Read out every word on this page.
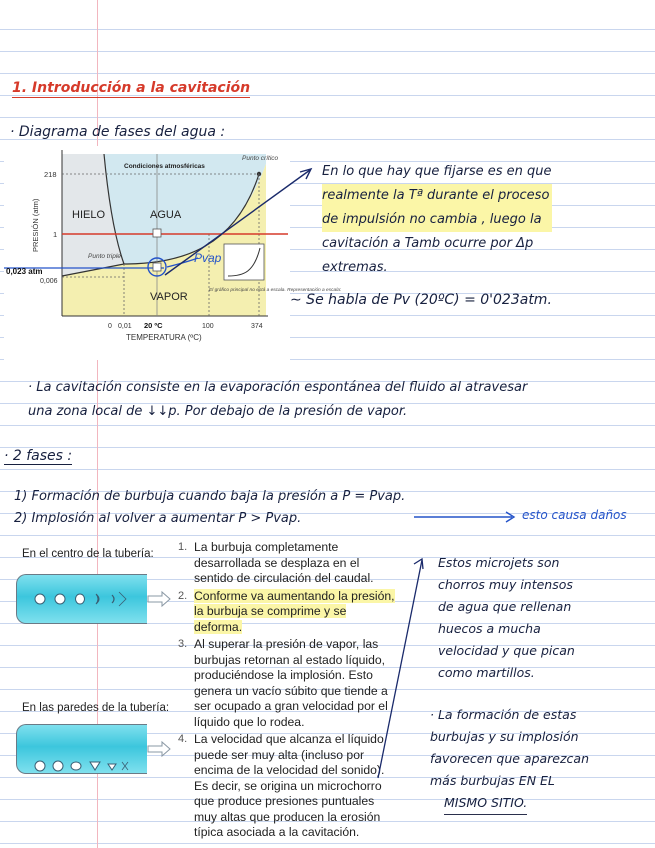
1. Introducción a la cavitación
· Diagrama de fases del agua :
Pvap
218
1
0,006
0,023 atm
0 0,01 20 ºC	100	374
TEMPERATURA (ºC)
PRESIÓN (atm)	HIELO	AGUA
VAPOR
Condiciones atmosféricas
Punto crítico
Punto triple
El gráfico principal no está a escala. Representación a escala:
En lo que hay que fijarse es en que
realmente la Tª durante el proceso
de impulsión no cambia , luego la
cavitación a Tamb ocurre por Δp
extremas.
∼ Se habla de Pv (20ºC) = 0'023atm.
· La cavitación consiste en la evaporación espontánea del fluido al atravesar
una zona local de ↓↓p. Por debajo de la presión de vapor.
· 2 fases :
1) Formación de burbuja cuando baja la presión a P = Pvap.
2) Implosión al volver a aumentar P > Pvap.	esto causa daños
En el centro de la tubería:
En las paredes de la tubería:
1. La burbuja completamente desarrollada se desplaza en el sentido de circulación del caudal.
2. Conforme va aumentando la presión, la burbuja se comprime y se deforma.
3. Al superar la presión de vapor, las burbujas retornan al estado líquido, produciéndose la implosión. Esto genera un vacío súbito que tiende a ser ocupado a gran velocidad por el líquido que lo rodea.
4. La velocidad que alcanza el líquido puede ser muy alta (incluso por encima de la velocidad del sonido). Es decir, se origina un microchorro que produce presiones puntuales muy altas que producen la erosión típica asociada a la cavitación.
Estos microjets son
chorros muy intensos
de agua que rellenan
huecos a mucha
velocidad y que pican
como martillos.
· La formación de estas
burbujas y su implosión
favorecen que aparezcan
más burbujas EN EL
MISMO SITIO.
